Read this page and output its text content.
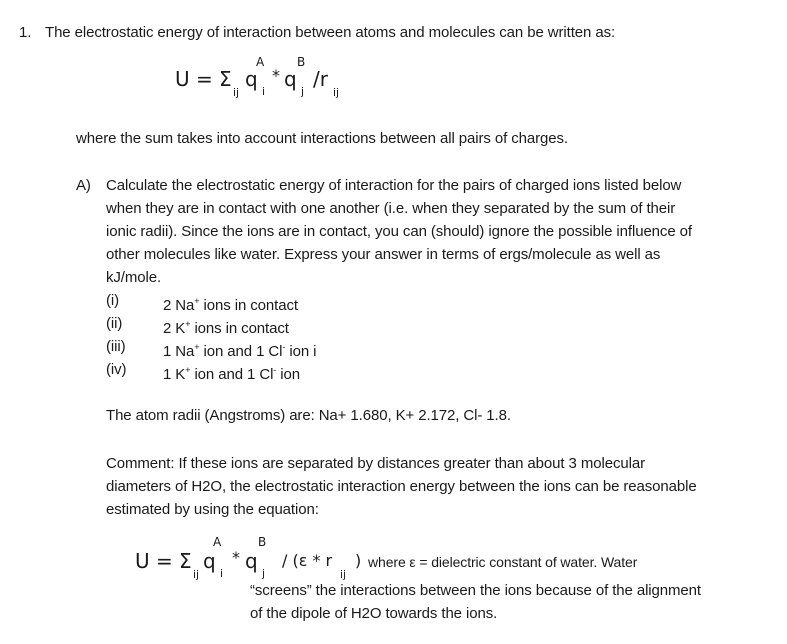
1. The electrostatic energy of interaction between atoms and molecules can be written as:
U = Σ
ij
q
A
i
* q
B
j
/r
ij
where the sum takes into account interactions between all pairs of charges.
A) Calculate the electrostatic energy of interaction for the pairs of charged ions listed below
when they are in contact with one another (i.e. when they separated by the sum of their
ionic radii). Since the ions are in contact, you can (should) ignore the possible influence of
other molecules like water. Express your answer in terms of ergs/molecule as well as
kJ/mole.
(i)	2 Na+ ions in contact
(ii)	2 K+ ions in contact
(iii)	1 Na+ ion and 1 Cl- ion i
(iv) 1 K+ ion and 1 Cl- ion
The atom radii (Angstroms) are: Na+ 1.680, K+ 2.172, Cl- 1.8.
Comment: If these ions are separated by distances greater than about 3 molecular
diameters of H2O, the electrostatic interaction energy between the ions can be reasonable
estimated by using the equation:
U = Σ
ij
q
A
i
* q
B
j
/ (ε * r
ij
) where ε = dielectric constant of water. Water
“screens” the interactions between the ions because of the alignment
of the dipole of H2O towards the ions.
